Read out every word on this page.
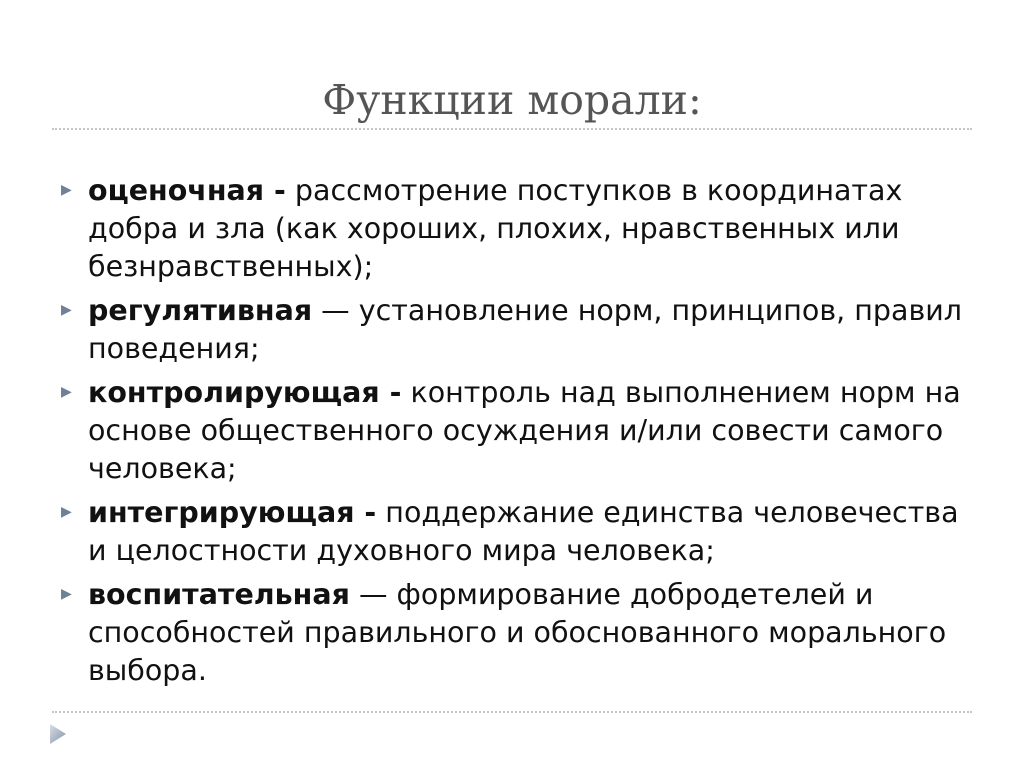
Функции морали:
▶ оценочная - рассмотрение поступков в координатах добра и зла (как хороших, плохих, нравственных или безнравственных);
▶ регулятивная — установление норм, принципов, правил поведения;
▶ контролирующая - контроль над выполнением норм на основе общественного осуждения и/или совести самого человека;
▶ интегрирующая - поддержание единства человечества и целостности духовного мира человека;
▶ воспитательная — формирование добродетелей и способностей правильного и обоснованного морального выбора.
